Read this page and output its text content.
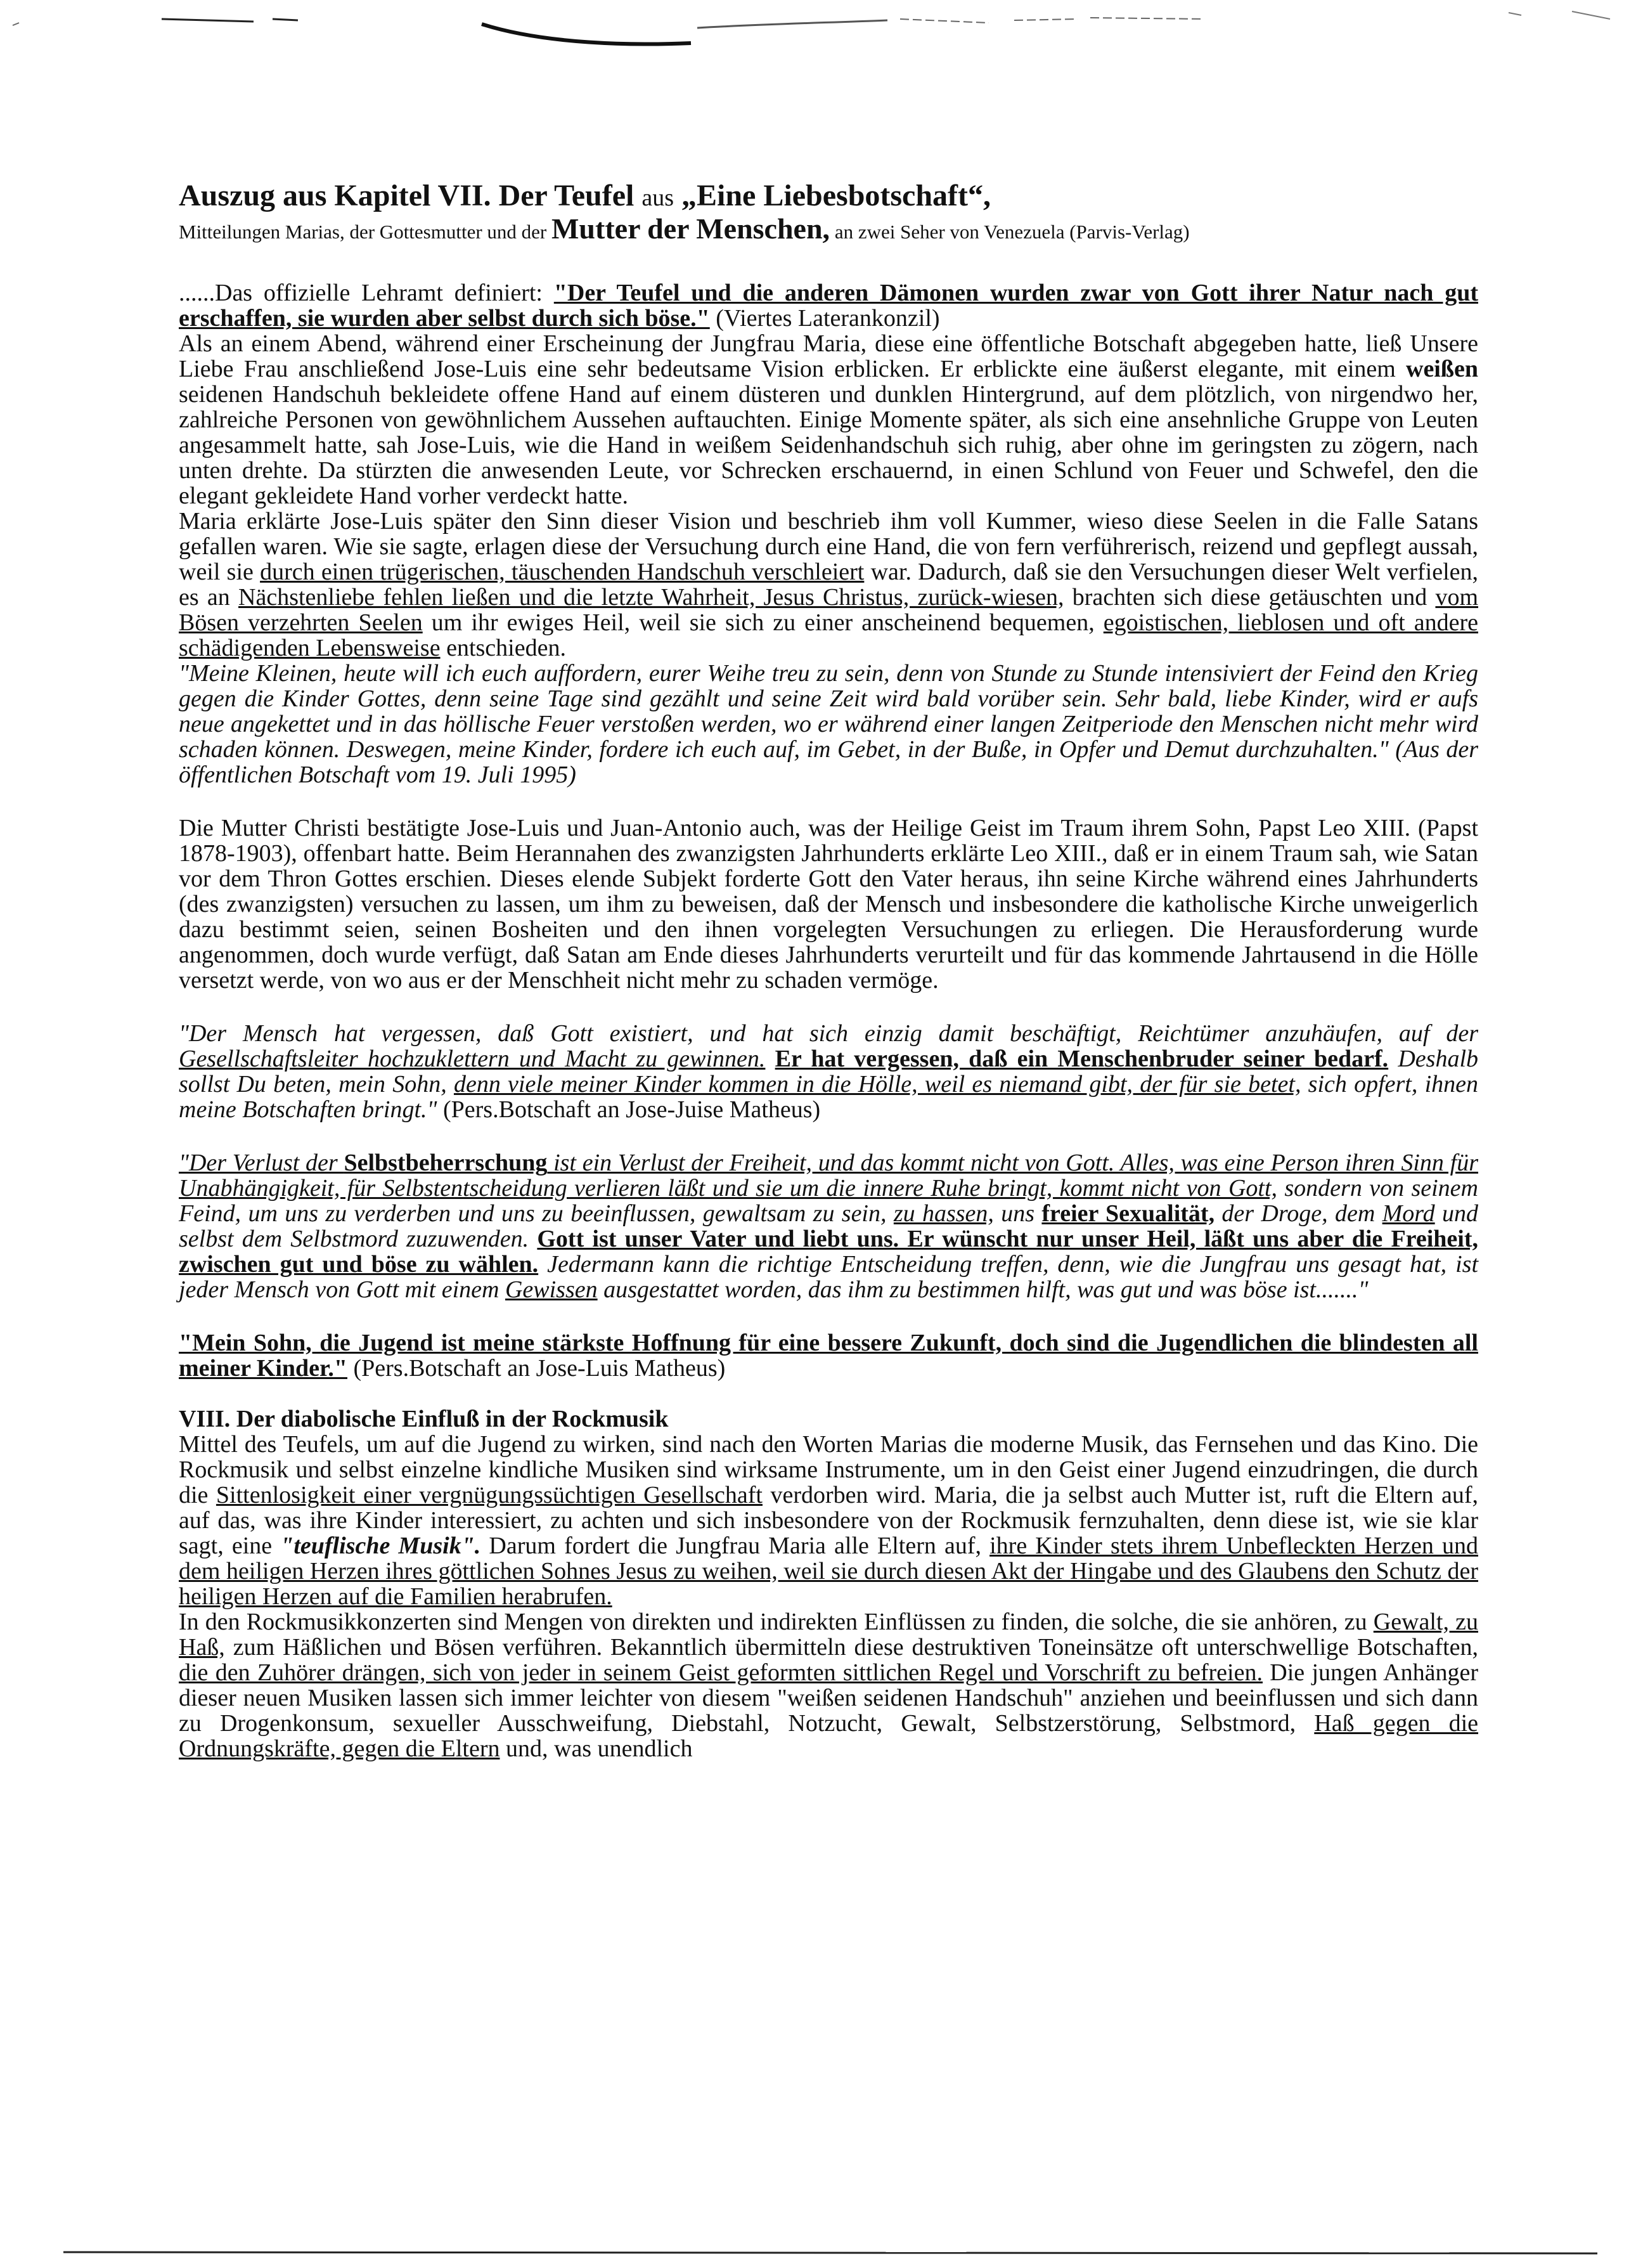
Auszug aus Kapitel VII. Der Teufel aus „Eine Liebesbotschaft“,

Mitteilungen Marias, der Gottesmutter und der Mutter der Menschen, an zwei Seher von Venezuela (Parvis-Verlag)

......Das offizielle Lehramt definiert: "Der Teufel und die anderen Dämonen wurden zwar von Gott ihrer Natur nach gut erschaffen, sie wurden aber selbst durch sich böse." (Viertes Laterankonzil)

Als an einem Abend, während einer Erscheinung der Jungfrau Maria, diese eine öffentliche Botschaft abgegeben hatte, ließ Unsere Liebe Frau anschließend Jose-Luis eine sehr bedeutsame Vision erblicken. Er erblickte eine äußerst elegante, mit einem weißen seidenen Handschuh bekleidete offene Hand auf einem düsteren und dunklen Hintergrund, auf dem plötzlich, von nirgendwo her, zahlreiche Personen von gewöhnlichem Aussehen auftauchten. Einige Momente später, als sich eine ansehnliche Gruppe von Leuten angesammelt hatte, sah Jose-Luis, wie die Hand in weißem Seidenhandschuh sich ruhig, aber ohne im geringsten zu zögern, nach unten drehte. Da stürzten die anwesenden Leute, vor Schrecken erschauernd, in einen Schlund von Feuer und Schwefel, den die elegant gekleidete Hand vorher verdeckt hatte.

Maria erklärte Jose-Luis später den Sinn dieser Vision und beschrieb ihm voll Kummer, wieso diese Seelen in die Falle Satans gefallen waren. Wie sie sagte, erlagen diese der Versuchung durch eine Hand, die von fern verführerisch, reizend und gepflegt aussah, weil sie durch einen trügerischen, täuschenden Handschuh verschleiert war. Dadurch, daß sie den Versuchungen dieser Welt verfielen, es an Nächstenliebe fehlen ließen und die letzte Wahrheit, Jesus Christus, zurück-wiesen, brachten sich diese getäuschten und vom Bösen verzehrten Seelen um ihr ewiges Heil, weil sie sich zu einer anscheinend bequemen, egoistischen, lieblosen und oft andere schädigenden Lebensweise entschieden.

"Meine Kleinen, heute will ich euch auffordern, eurer Weihe treu zu sein, denn von Stunde zu Stunde intensiviert der Feind den Krieg gegen die Kinder Gottes, denn seine Tage sind gezählt und seine Zeit wird bald vorüber sein. Sehr bald, liebe Kinder, wird er aufs neue angekettet und in das höllische Feuer verstoßen werden, wo er während einer langen Zeitperiode den Menschen nicht mehr wird schaden können. Deswegen, meine Kinder, fordere ich euch auf, im Gebet, in der Buße, in Opfer und Demut durchzuhalten." (Aus der öffentlichen Botschaft vom 19. Juli 1995)

Die Mutter Christi bestätigte Jose-Luis und Juan-Antonio auch, was der Heilige Geist im Traum ihrem Sohn, Papst Leo XIII. (Papst 1878-1903), offenbart hatte. Beim Herannahen des zwanzigsten Jahrhunderts erklärte Leo XIII., daß er in einem Traum sah, wie Satan vor dem Thron Gottes erschien. Dieses elende Subjekt forderte Gott den Vater heraus, ihn seine Kirche während eines Jahrhunderts (des zwanzigsten) versuchen zu lassen, um ihm zu beweisen, daß der Mensch und insbesondere die katholische Kirche unweigerlich dazu bestimmt seien, seinen Bosheiten und den ihnen vorgelegten Versuchungen zu erliegen. Die Herausforderung wurde angenommen, doch wurde verfügt, daß Satan am Ende dieses Jahrhunderts verurteilt und für das kommende Jahrtausend in die Hölle versetzt werde, von wo aus er der Menschheit nicht mehr zu schaden vermöge.

"Der Mensch hat vergessen, daß Gott existiert, und hat sich einzig damit beschäftigt, Reichtümer anzuhäufen, auf der Gesellschaftsleiter hochzuklettern und Macht zu gewinnen. Er hat vergessen, daß ein Menschenbruder seiner bedarf. Deshalb sollst Du beten, mein Sohn, denn viele meiner Kinder kommen in die Hölle, weil es niemand gibt, der für sie betet, sich opfert, ihnen meine Botschaften bringt." (Pers.Botschaft an Jose-Juise Matheus)

"Der Verlust der Selbstbeherrschung ist ein Verlust der Freiheit, und das kommt nicht von Gott. Alles, was eine Person ihren Sinn für Unabhängigkeit, für Selbstentscheidung verlieren läßt und sie um die innere Ruhe bringt, kommt nicht von Gott, sondern von seinem Feind, um uns zu verderben und uns zu beeinflussen, gewaltsam zu sein, zu hassen, uns freier Sexualität, der Droge, dem Mord und selbst dem Selbstmord zuzuwenden. Gott ist unser Vater und liebt uns. Er wünscht nur unser Heil, läßt uns aber die Freiheit, zwischen gut und böse zu wählen. Jedermann kann die richtige Entscheidung treffen, denn, wie die Jungfrau uns gesagt hat, ist jeder Mensch von Gott mit einem Gewissen ausgestattet worden, das ihm zu bestimmen hilft, was gut und was böse ist......."

"Mein Sohn, die Jugend ist meine stärkste Hoffnung für eine bessere Zukunft, doch sind die Jugendlichen die blindesten all meiner Kinder." (Pers.Botschaft an Jose-Luis Matheus)

VIII. Der diabolische Einfluß in der Rockmusik

Mittel des Teufels, um auf die Jugend zu wirken, sind nach den Worten Marias die moderne Musik, das Fernsehen und das Kino. Die Rockmusik und selbst einzelne kindliche Musiken sind wirksame Instrumente, um in den Geist einer Jugend einzudringen, die durch die Sittenlosigkeit einer vergnügungssüchtigen Gesellschaft verdorben wird. Maria, die ja selbst auch Mutter ist, ruft die Eltern auf, auf das, was ihre Kinder interessiert, zu achten und sich insbesondere von der Rockmusik fernzuhalten, denn diese ist, wie sie klar sagt, eine "teuflische Musik". Darum fordert die Jungfrau Maria alle Eltern auf, ihre Kinder stets ihrem Unbefleckten Herzen und dem heiligen Herzen ihres göttlichen Sohnes Jesus zu weihen, weil sie durch diesen Akt der Hingabe und des Glaubens den Schutz der heiligen Herzen auf die Familien herabrufen.

In den Rockmusikkonzerten sind Mengen von direkten und indirekten Einflüssen zu finden, die solche, die sie anhören, zu Gewalt, zu Haß, zum Häßlichen und Bösen verführen. Bekanntlich übermitteln diese destruktiven Toneinsätze oft unterschwellige Botschaften, die den Zuhörer drängen, sich von jeder in seinem Geist geformten sittlichen Regel und Vorschrift zu befreien. Die jungen Anhänger dieser neuen Musiken lassen sich immer leichter von diesem "weißen seidenen Handschuh" anziehen und beeinflussen und sich dann zu Drogenkonsum, sexueller Ausschweifung, Diebstahl, Notzucht, Gewalt, Selbstzerstörung, Selbstmord, Haß gegen die Ordnungskräfte, gegen die Eltern und, was unendlich
